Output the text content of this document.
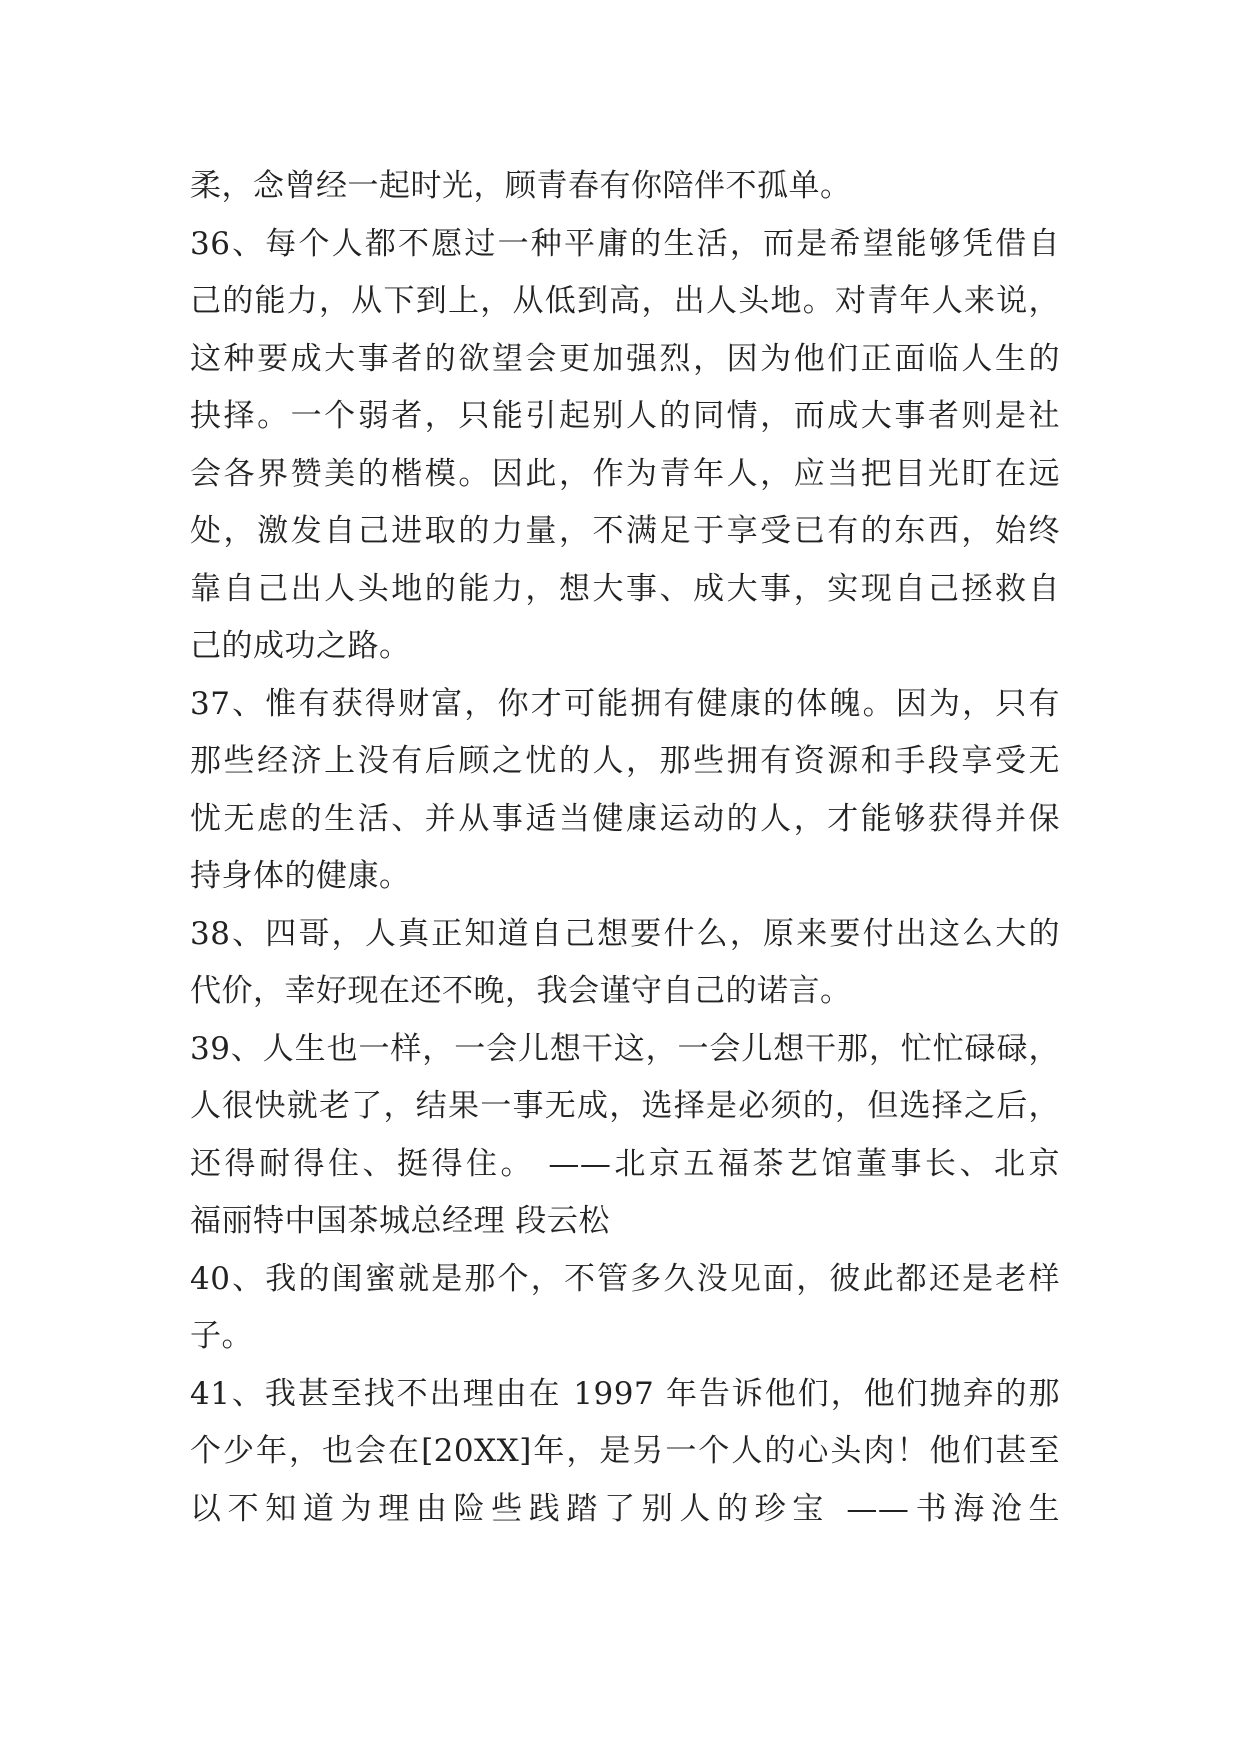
柔，念曾经一起时光，顾青春有你陪伴不孤单。
36、每个人都不愿过一种平庸的生活，而是希望能够凭借自
己的能力，从下到上，从低到高，出人头地。对青年人来说，
这种要成大事者的欲望会更加强烈，因为他们正面临人生的
抉择。一个弱者，只能引起别人的同情，而成大事者则是社
会各界赞美的楷模。因此，作为青年人，应当把目光盯在远
处，激发自己进取的力量，不满足于享受已有的东西，始终
靠自己出人头地的能力，想大事、成大事，实现自己拯救自
己的成功之路。
37、惟有获得财富，你才可能拥有健康的体魄。因为，只有
那些经济上没有后顾之忧的人，那些拥有资源和手段享受无
忧无虑的生活、并从事适当健康运动的人，才能够获得并保
持身体的健康。
38、四哥，人真正知道自己想要什么，原来要付出这么大的
代价，幸好现在还不晚，我会谨守自己的诺言。
39、人生也一样，一会儿想干这，一会儿想干那，忙忙碌碌，
人很快就老了，结果一事无成，选择是必须的，但选择之后，
还得耐得住、挺得住。 ——北京五福茶艺馆董事长、北京
福丽特中国茶城总经理 段云松
40、我的闺蜜就是那个，不管多久没见面，彼此都还是老样
子。
41、我甚至找不出理由在 1997 年告诉他们，他们抛弃的那
个少年，也会在[20XX]年，是另一个人的心头肉！他们甚至
以不知道为理由险些践踏了别人的珍宝 ——书海沧生
